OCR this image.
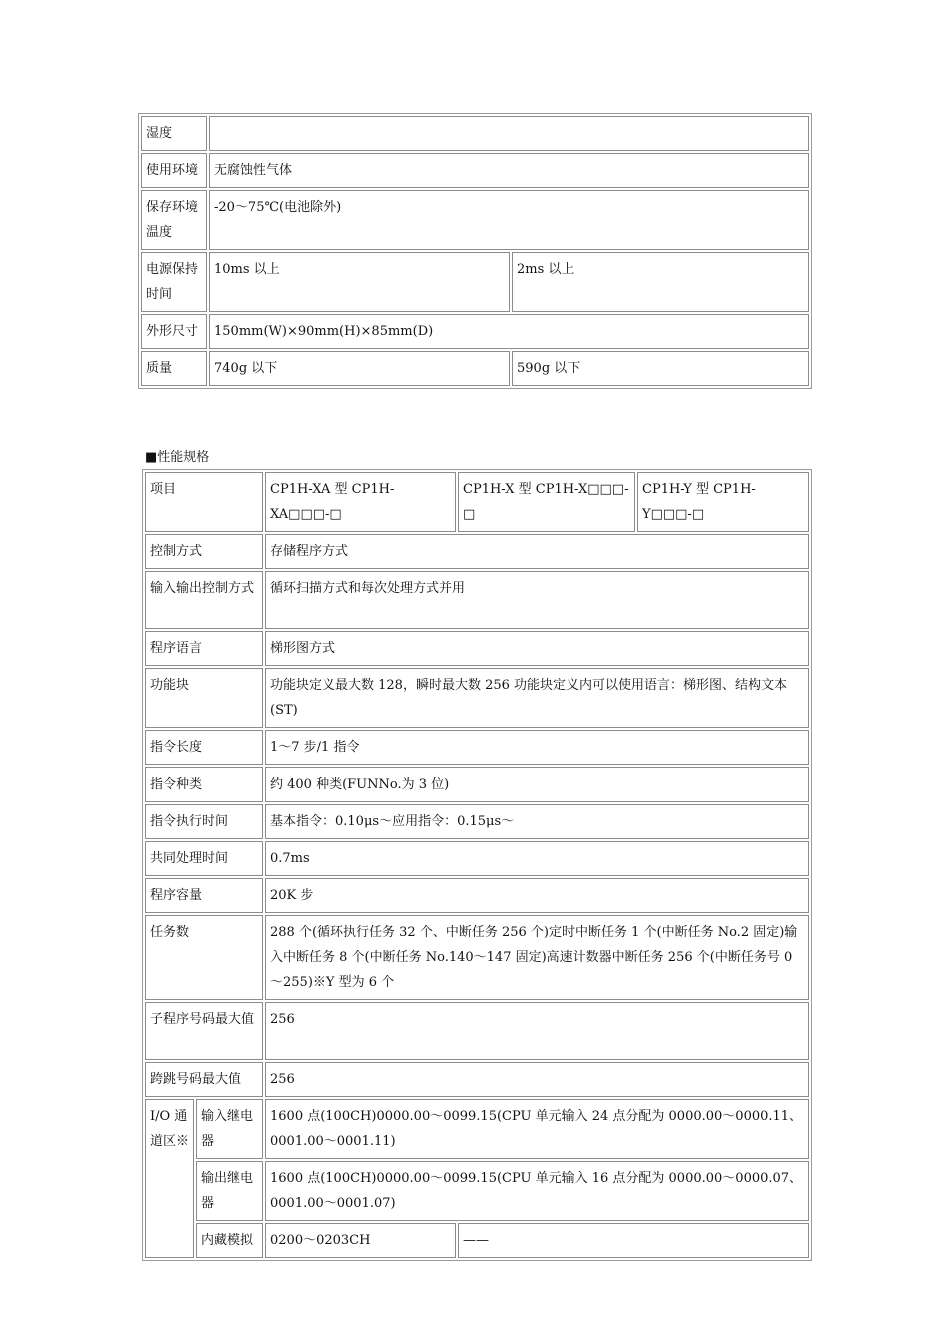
湿度		
使用环境	无腐蚀性气体	
保存环境温度	-20～75℃(电池除外)	
电源保持时间	10ms 以上	2ms 以上
外形尺寸	150mm(W)×90mm(H)×85mm(D)	
质量	740g 以下	590g 以下
■性能规格
项目		CP1H-XA 型 CP1H-XA□□□-□	CP1H-X 型 CP1H-X□□□-□	CP1H-Y 型 CP1H-Y□□□-□
控制方式		存储程序方式		
输入输出控制方式		循环扫描方式和每次处理方式并用		
程序语言		梯形图方式		
功能块		功能块定义最大数 128，瞬时最大数 256 功能块定义内可以使用语言：梯形图、结构文本(ST)		
指令长度		1～7 步/1 指令		
指令种类		约 400 种类(FUNNo.为 3 位)		
指令执行时间		基本指令：0.10μs～应用指令：0.15μs～		
共同处理时间		0.7ms		
程序容量		20K 步		
任务数		288 个(循环执行任务 32 个、中断任务 256 个)定时中断任务 1 个(中断任务 No.2 固定)输入中断任务 8 个(中断任务 No.140～147 固定)高速计数器中断任务 256 个(中断任务号 0～255)※Y 型为 6 个		
子程序号码最大值		256		
跨跳号码最大值		256		
I/O 通道区※	输入继电器	1600 点(100CH)0000.00～0099.15(CPU 单元输入 24 点分配为 0000.00～0000.11、0001.00～0001.11)		
	输出继电器	1600 点(100CH)0000.00～0099.15(CPU 单元输入 16 点分配为 0000.00～0000.07、0001.00～0001.07)		
	内藏模拟	0200～0203CH	——	
